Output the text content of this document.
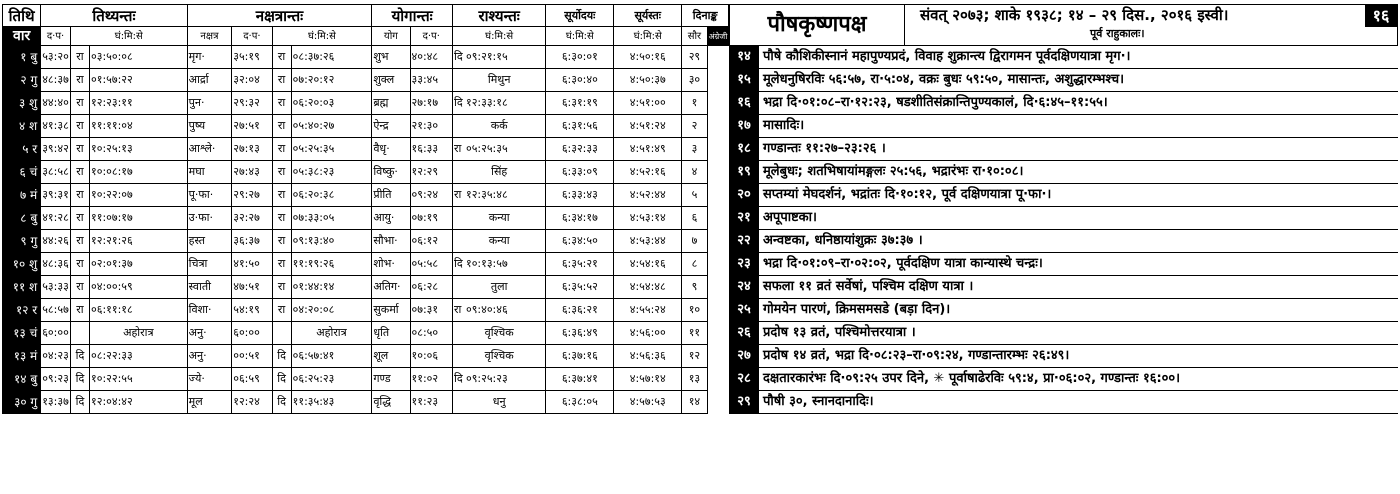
तिथि	तिथ्यन्तः			नक्षत्रान्तः				योगान्तः		राश्यन्तः	सूर्योदयः	सूर्यस्तः	दिनाङ्क	
वार	द·प·	घं:मि:से		नक्षत्र	द·प·	घं:मि:से		योग	द·प·	घं:मि:से	घं:मि:से	घं:मि:से	सौर	अंग्रेजी
१ बु	५३:२०	रा	०३:५०:०८	मृग·	३५:१९	रा	०८:३७:२६	शुभ	४०:४८	दि ०९:२१:१५	६:३०:०१	४:५०:१६	२९	
२ गु	४८:३७	रा	०१:५७:२२	आर्द्रा	३२:०४	रा	०७:२०:१२	शुक्ल	३३:४५	मिथुन	६:३०:४०	४:५०:३७	३०	
३ शु	४४:४०	रा	१२:२३:११	पुन·	२९:३२	रा	०६:२०:०३	ब्रह्म	२७:१७	दि १२:३३:१८	६:३१:१९	४:५१:००	१	
४ श	४१:३८	रा	११:११:०४	पुष्य	२७:५१	रा	०५:४०:२७	ऐन्द्र	२१:३०	कर्क	६:३१:५६	४:५१:२४	२	
५ र	३९:४२	रा	१०:२५:१३	आश्ले·	२७:१३	रा	०५:२५:३५	वैधृ·	१६:३३	रा ०५:२५:३५	६:३२:३३	४:५१:४९	३	
६ चं	३८:५८	रा	१०:०८:१७	मघा	२७:४३	रा	०५:३८:२३	विष्कु·	१२:२९	सिंह	६:३३:०९	४:५२:१६	४	
७ मं	३९:३१	रा	१०:२२:०७	पू·फा·	२९:२७	रा	०६:२०:३८	प्रीति	०९:२४	रा १२:३५:४८	६:३३:४३	४:५२:४४	५	
८ बु	४१:२८	रा	११:०७:१७	उ·फा·	३२:२७	रा	०७:३३:०५	आयु·	०७:१९	कन्या	६:३४:१७	४:५३:१४	६	
९ गु	४४:२६	रा	१२:२१:२६	हस्त	३६:३७	रा	०९:१३:४०	सौभा·	०६:१२	कन्या	६:३४:५०	४:५३:४४	७	
१० शु	४८:३६	रा	०२:०१:३७	चित्रा	४१:५०	रा	११:१९:२६	शोभ·	०५:५८	दि १०:१३:५७	६:३५:२१	४:५४:१६	८	
११ श	५३:३३	रा	०४:००:५९	स्वाती	४७:५१	रा	०१:४४:१४	अतिग·	०६:२८	तुला	६:३५:५२	४:५४:४८	९	
१२ र	५८:५७	रा	०६:११:१८	विशा·	५४:१९	रा	०४:२०:०८	सुकर्मा	०७:३१	रा ०९:४०:४६	६:३६:२१	४:५५:२४	१०	
१३ चं	६०:००		अहोरात्र	अनु·	६०:००		अहोरात्र	धृति	०८:५०	वृश्चिक	६:३६:४९	४:५६:००	११	
१३ मं	०४:२३	दि	०८:२२:३३	अनु·	००:५१	दि	०६:५७:४१	शूल	१०:०६	वृश्चिक	६:३७:१६	४:५६:३६	१२	
१४ बु	०९:२३	दि	१०:२२:५५	ज्ये·	०६:५९	दि	०६:२५:२३	गण्ड	११:०२	दि ०९:२५:२३	६:३७:४१	४:५७:१४	१३	
३० गु	१३:३७	दि	१२:०४:४२	मूल	१२:२४	दि	११:३५:४३	वृद्धि	११:२३	धनु	६:३८:०५	४:५७:५३	१४	
पौषकृष्णपक्ष	संवत् २०७३; शाके १९३८; १४ – २९ दिस., २०१६ इस्वी।
पूर्व राहुकालः।
१६
१४ पौषे कौशिकीस्नानं महापुण्यप्रदं, विवाह शुक्रान्त्य द्विरागमन पूर्वदक्षिणयात्रा मृग·।
१५ मूलेधनुषिरविः ५६:५७, रा·५:०४, वक्रः बुधः ५९:५०, मासान्तः, अशुद्धारम्भश्च।
१६ भद्रा दि·०१:०८–रा·१२:२३, षडशीतिसंक्रान्तिपुण्यकालं, दि·६:४५–११:५५।
१७ मासादिः।
१८ गण्डान्तः ११:२७–२३:२६ ।
१९ मूलेबुधः; शतभिषायांमङ्गलः २५:५६, भद्रारंभः रा·१०:०८।
२० सप्तम्यां मेघदर्शनं, भद्रांतः दि·१०:१२, पूर्व दक्षिणयात्रा पू·फा·।
२१ अपूपाष्टका।
२२ अन्वष्टका, धनिष्ठायांशुक्रः ३७:३७ ।
२३ भद्रा दि·०१:०९–रा·०२:०२, पूर्वदक्षिण यात्रा कान्यास्थे चन्द्रः।
२४ सफला ११ व्रतं सर्वेषां, पश्चिम दक्षिण यात्रा ।
२५ गोमयेन पारणं, क्रिमसमसडे (बड़ा दिन)।
२६ प्रदोष १३ व्रतं, पश्चिमोत्तरयात्रा ।
२७ प्रदोष १४ व्रतं, भद्रा दि·०८:२३–रा·०९:२४, गण्डान्तारम्भः २६:४९।
२८ दक्षतारकारंभः दि·०९:२५ उपर दिने, ✳ पूर्वाषाढेरविः ५९:४, प्रा·०६:०२, गण्डान्तः १६:००।
२९ पौषी ३०, स्नानदानादिः।
